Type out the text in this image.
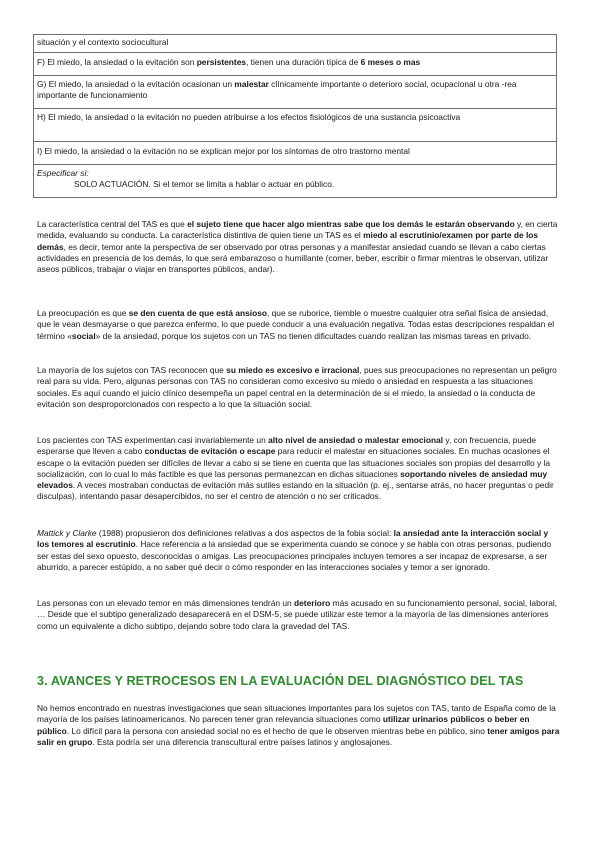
situación y el contexto sociocultural
F) El miedo, la ansiedad o la evitación son persistentes, tienen una duración típica de 6 meses o mas
G) El miedo, la ansiedad o la evitación ocasionan un malestar clínicamente importante o deterioro social, ocupacional u otra -rea importante de funcionamiento
H) El miedo, la ansiedad o la evitación no pueden atribuirse a los efectos fisiológicos de una sustancia psicoactiva
I) El miedo, la ansiedad o la evitación no se explican mejor por los síntomas de otro trastorno mental

Especificar si:
SOLO ACTUACIÓN. Si el temor se limita a hablar o actuar en público.

La característica central del TAS es que el sujeto tiene que hacer algo mientras sabe que los demás le estarán observando y, en cierta medida, evaluando su conducta. La característica distintiva de quien tiene un TAS es el miedo al escrutinio/examen por parte de los demás, es decir, temor ante la perspectiva de ser observado por otras personas y a manifestar ansiedad cuando se llevan a cabo ciertas actividades en presencia de los demás, lo que será embarazoso o humillante (comer, beber, escribir o firmar mientras le observan, utilizar aseos públicos, trabajar o viajar en transportes públicos, andar).

La preocupación es que se den cuenta de que está ansioso, que se ruborice, tiemble o muestre cualquier otra señal física de ansiedad, que le vean desmayarse o que parezca enfermo, lo que puede conducir a una evaluación negativa. Todas estas descripciones respaldan el término «social» de la ansiedad, porque los sujetos con un TAS no tienen dificultades cuando realizan las mismas tareas en privado.

La mayoría de los sujetos con TAS reconocen que su miedo es excesivo e irracional, pues sus preocupaciones no representan un peligro real para su vida. Pero, algunas personas con TAS no consideran como excesivo su miedo o ansiedad en respuesta a las situaciones sociales. Es aquí cuando el juicio clínico desempeña un papel central en la determinación de si el miedo, la ansiedad o la conducta de evitación son desproporcionados con respecto a lo que la situación social.

Los pacientes con TAS experimentan casi invariablemente un alto nivel de ansiedad o malestar emocional y, con frecuencia, puede esperarse que lleven a cabo conductas de evitación o escape para reducir el malestar en situaciones sociales. En muchas ocasiones el escape o la evitación pueden ser difíciles de llevar a cabo si se tiene en cuenta que las situaciones sociales son propias del desarrollo y la socialización, con lo cual lo más factible es que las personas permanezcan en dichas situaciones soportando niveles de ansiedad muy elevados. A veces mostraban conductas de evitación más sutiles estando en la situación (p. ej., sentarse atrás, no hacer preguntas o pedir disculpas), intentando pasar desapercibidos, no ser el centro de atención o no ser criticados.

Mattick y Clarke (1988) propusieron dos definiciones relativas a dos aspectos de la fobia social: la ansiedad ante la interacción social y los temores al escrutinio. Hace referencia a la ansiedad que se experimenta cuando se conoce y se habla con otras personas, pudiendo ser estas del sexo opuesto, desconocidas o amigas. Las preocupaciones principales incluyen temores a ser incapaz de expresarse, a ser aburrido, a parecer estúpido, a no saber qué decir o cómo responder en las interacciones sociales y temor a ser ignorado.

Las personas con un elevado temor en más dimensiones tendrán un deterioro más acusado en su funcionamiento personal, social, laboral, … Desde que el subtipo generalizado desaparecerá en el DSM-5, se puede utilizar este temor a la mayoría de las dimensiones anteriores como un equivalente a dicho subtipo, dejando sobre todo clara la gravedad del TAS.

3. AVANCES Y RETROCESOS EN LA EVALUACIÓN DEL DIAGNÓSTICO DEL TAS

No hemos encontrado en nuestras investigaciones que sean situaciones importantes para los sujetos con TAS, tanto de España como de la mayoría de los países latinoamericanos. No parecen tener gran relevancia situaciones como utilizar urinarios públicos o beber en público. Lo difícil para la persona con ansiedad social no es el hecho de que le observen mientras bebe en público, sino tener amigos para salir en grupo. Esta podría ser una diferencia transcultural entre países latinos y anglosajones.
